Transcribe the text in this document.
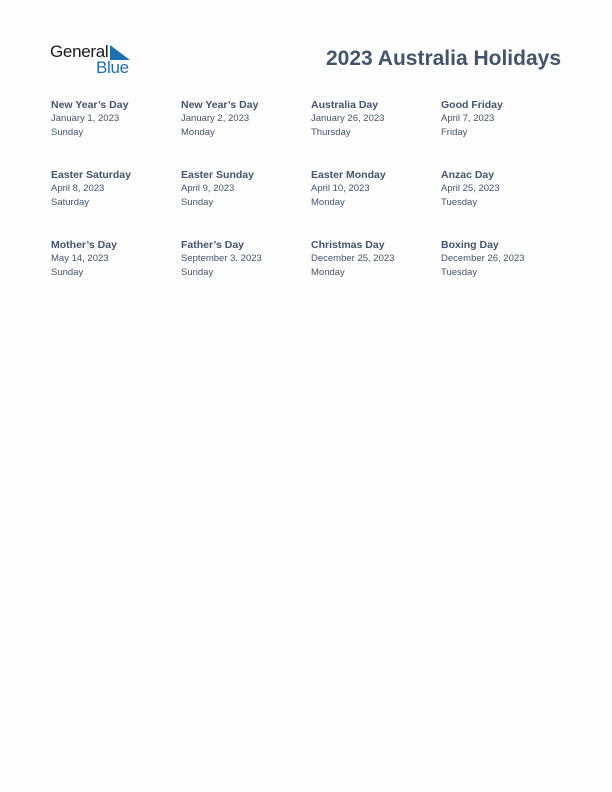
General
Blue	2023 Australia Holidays
New Year’s Day
January 1, 2023
Sunday
New Year’s Day
January 2, 2023
Monday
Australia Day
January 26, 2023
Thursday
Good Friday
April 7, 2023
Friday
Easter Saturday
April 8, 2023
Saturday
Easter Sunday
April 9, 2023
Sunday
Easter Monday
April 10, 2023
Monday
Anzac Day
April 25, 2023
Tuesday
Mother’s Day
May 14, 2023
Sunday
Father’s Day
September 3, 2023
Sunday
Christmas Day
December 25, 2023
Monday
Boxing Day
December 26, 2023
Tuesday
